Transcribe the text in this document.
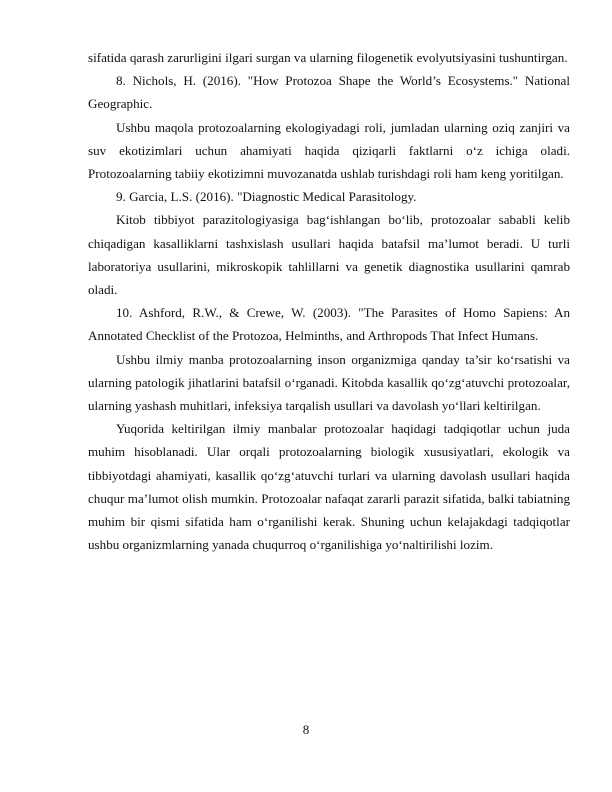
sifatida qarash zarurligini ilgari surgan va ularning filogenetik evolyutsiyasini tushuntirgan.

8. Nichols, H. (2016). "How Protozoa Shape the World’s Ecosystems." National Geographic.

Ushbu maqola protozoalarning ekologiyadagi roli, jumladan ularning oziq zanjiri va suv ekotizimlari uchun ahamiyati haqida qiziqarli faktlarni o‘z ichiga oladi. Protozoalarning tabiiy ekotizimni muvozanatda ushlab turishdagi roli ham keng yoritilgan.

9. Garcia, L.S. (2016). "Diagnostic Medical Parasitology.

Kitob tibbiyot parazitologiyasiga bag‘ishlangan bo‘lib, protozoalar sababli kelib chiqadigan kasalliklarni tashxislash usullari haqida batafsil ma’lumot beradi. U turli laboratoriya usullarini, mikroskopik tahlillarni va genetik diagnostika usullarini qamrab oladi.

10. Ashford, R.W., & Crewe, W. (2003). "The Parasites of Homo Sapiens: An Annotated Checklist of the Protozoa, Helminths, and Arthropods That Infect Humans.

Ushbu ilmiy manba protozoalarning inson organizmiga qanday ta’sir ko‘rsatishi va ularning patologik jihatlarini batafsil o‘rganadi. Kitobda kasallik qo‘zg‘atuvchi protozoalar, ularning yashash muhitlari, infeksiya tarqalish usullari va davolash yo‘llari keltirilgan.

Yuqorida keltirilgan ilmiy manbalar protozoalar haqidagi tadqiqotlar uchun juda muhim hisoblanadi. Ular orqali protozoalarning biologik xususiyatlari, ekologik va tibbiyotdagi ahamiyati, kasallik qo‘zg‘atuvchi turlari va ularning davolash usullari haqida chuqur ma’lumot olish mumkin. Protozoalar nafaqat zararli parazit sifatida, balki tabiatning muhim bir qismi sifatida ham o‘rganilishi kerak. Shuning uchun kelajakdagi tadqiqotlar ushbu organizmlarning yanada chuqurroq o‘rganilishiga yo‘naltirilishi lozim.

8
